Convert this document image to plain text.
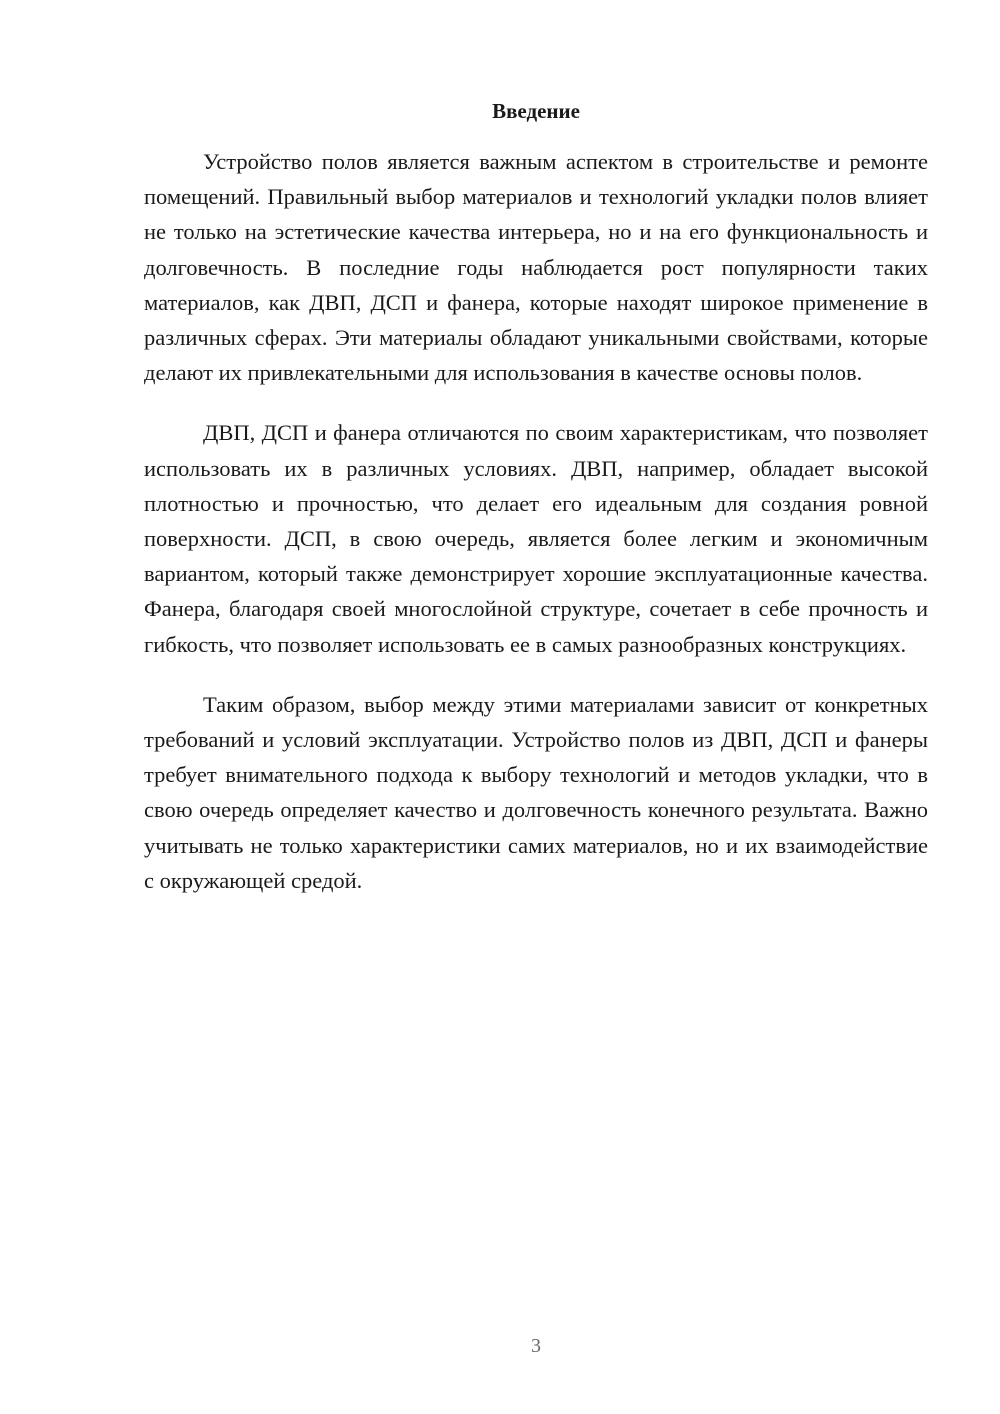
Введение

Устройство полов является важным аспектом в строительстве и ремонте помещений. Правильный выбор материалов и технологий укладки полов влияет не только на эстетические качества интерьера, но и на его функциональность и долговечность. В последние годы наблюдается рост популярности таких материалов, как ДВП, ДСП и фанера, которые находят широкое применение в различных сферах. Эти материалы обладают уникальными свойствами, которые делают их привлекательными для использования в качестве основы полов.

ДВП, ДСП и фанера отличаются по своим характеристикам, что позволяет использовать их в различных условиях. ДВП, например, обладает высокой плотностью и прочностью, что делает его идеальным для создания ровной поверхности. ДСП, в свою очередь, является более легким и экономичным вариантом, который также демонстрирует хорошие эксплуатационные качества. Фанера, благодаря своей многослойной структуре, сочетает в себе прочность и гибкость, что позволяет использовать ее в самых разнообразных конструкциях.

Таким образом, выбор между этими материалами зависит от конкретных требований и условий эксплуатации. Устройство полов из ДВП, ДСП и фанеры требует внимательного подхода к выбору технологий и методов укладки, что в свою очередь определяет качество и долговечность конечного результата. Важно учитывать не только характеристики самих материалов, но и их взаимодействие с окружающей средой.

3
